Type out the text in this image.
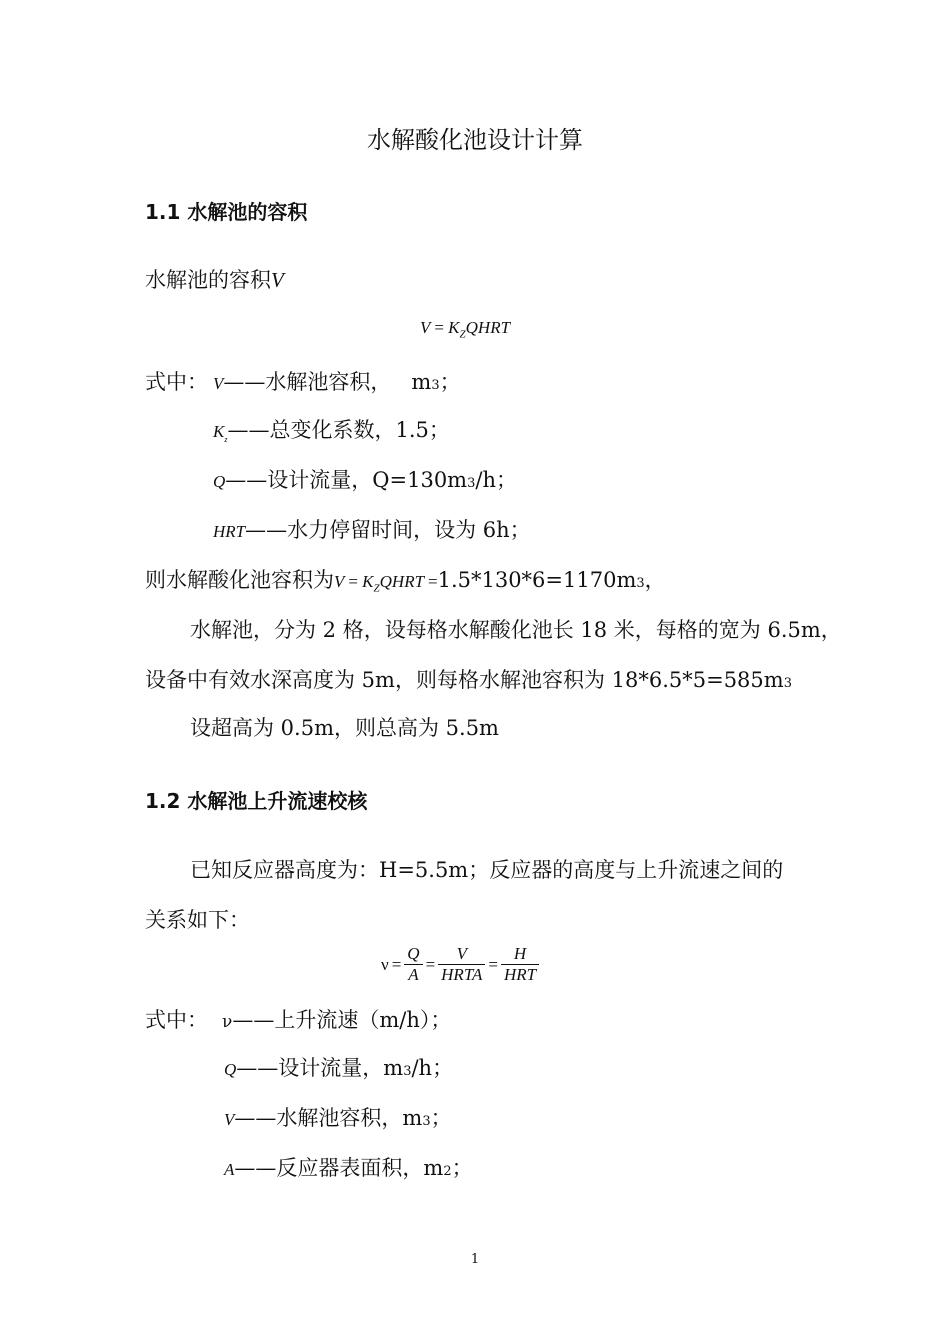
水解酸化池设计计算
1.1 水解池的容积
水解池的容积V
$V = K_ZQHRT$
式中： V——水解池容积， m3；
$K_z——$总变化系数，1.5；
Q——设计流量，Q=130m3/h；
HRT——水力停留时间，设为 6h；
则水解酸化池容积为$V = K_ZQHRT =1.5*130*6=1170m3$，
水解池，分为 2 格，设每格水解酸化池长 18 米，每格的宽为 6.5m，
设备中有效水深高度为 5m，则每格水解池容积为 18*6.5*5=585m3
设超高为 0.5m，则总高为 5.5m
1.2 水解池上升流速校核
已知反应器高度为：H=5.5m；反应器的高度与上升流速之间的
关系如下：
$\nu = \frac{Q}{A} = \frac{V}{\text{HRTA}} = \frac{H}{\text{HRT}}$
式中： ν——上升流速（m/h）；
Q——设计流量，m3/h；
V——水解池容积，m3；
A——反应器表面积，m2；
1
